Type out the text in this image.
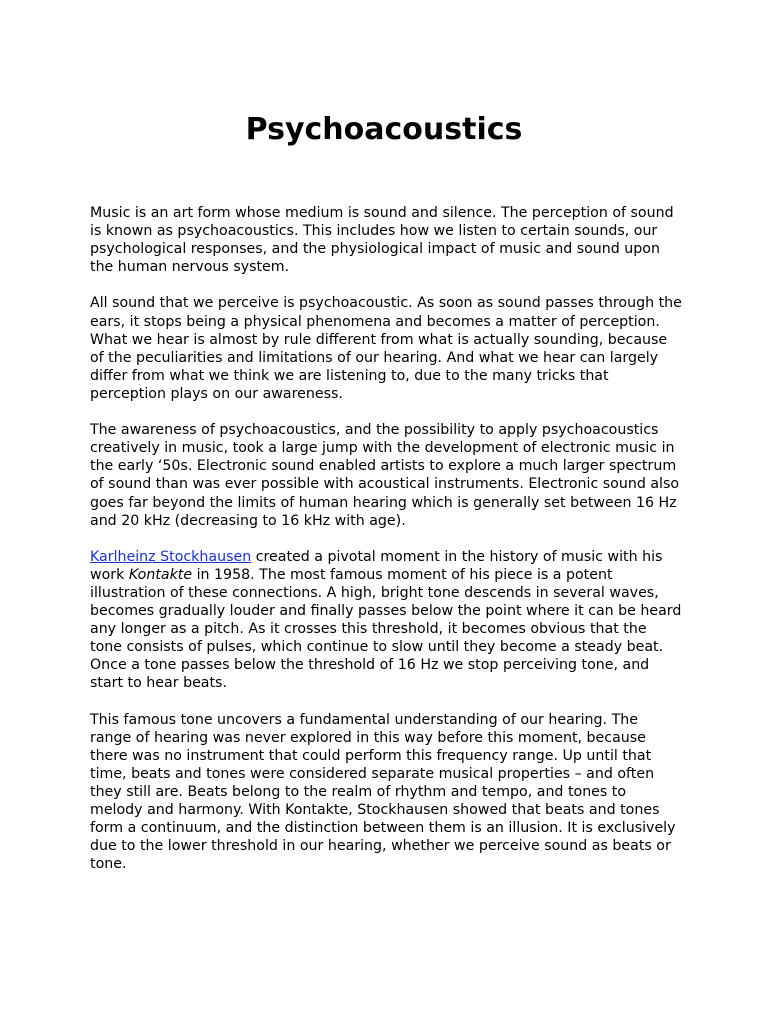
Psychoacoustics

Music is an art form whose medium is sound and silence. The perception of sound is known as psychoacoustics. This includes how we listen to certain sounds, our psychological responses, and the physiological impact of music and sound upon the human nervous system.

All sound that we perceive is psychoacoustic. As soon as sound passes through the ears, it stops being a physical phenomena and becomes a matter of perception. What we hear is almost by rule different from what is actually sounding, because of the peculiarities and limitations of our hearing. And what we hear can largely differ from what we think we are listening to, due to the many tricks that perception plays on our awareness.

The awareness of psychoacoustics, and the possibility to apply psychoacoustics creatively in music, took a large jump with the development of electronic music in the early ‘50s. Electronic sound enabled artists to explore a much larger spectrum of sound than was ever possible with acoustical instruments. Electronic sound also goes far beyond the limits of human hearing which is generally set between 16 Hz and 20 kHz (decreasing to 16 kHz with age).

Karlheinz Stockhausen created a pivotal moment in the history of music with his work Kontakte in 1958. The most famous moment of his piece is a potent illustration of these connections. A high, bright tone descends in several waves, becomes gradually louder and finally passes below the point where it can be heard any longer as a pitch. As it crosses this threshold, it becomes obvious that the tone consists of pulses, which continue to slow until they become a steady beat. Once a tone passes below the threshold of 16 Hz we stop perceiving tone, and start to hear beats.

This famous tone uncovers a fundamental understanding of our hearing. The range of hearing was never explored in this way before this moment, because there was no instrument that could perform this frequency range. Up until that time, beats and tones were considered separate musical properties – and often they still are. Beats belong to the realm of rhythm and tempo, and tones to melody and harmony. With Kontakte, Stockhausen showed that beats and tones form a continuum, and the distinction between them is an illusion. It is exclusively due to the lower threshold in our hearing, whether we perceive sound as beats or tone.
